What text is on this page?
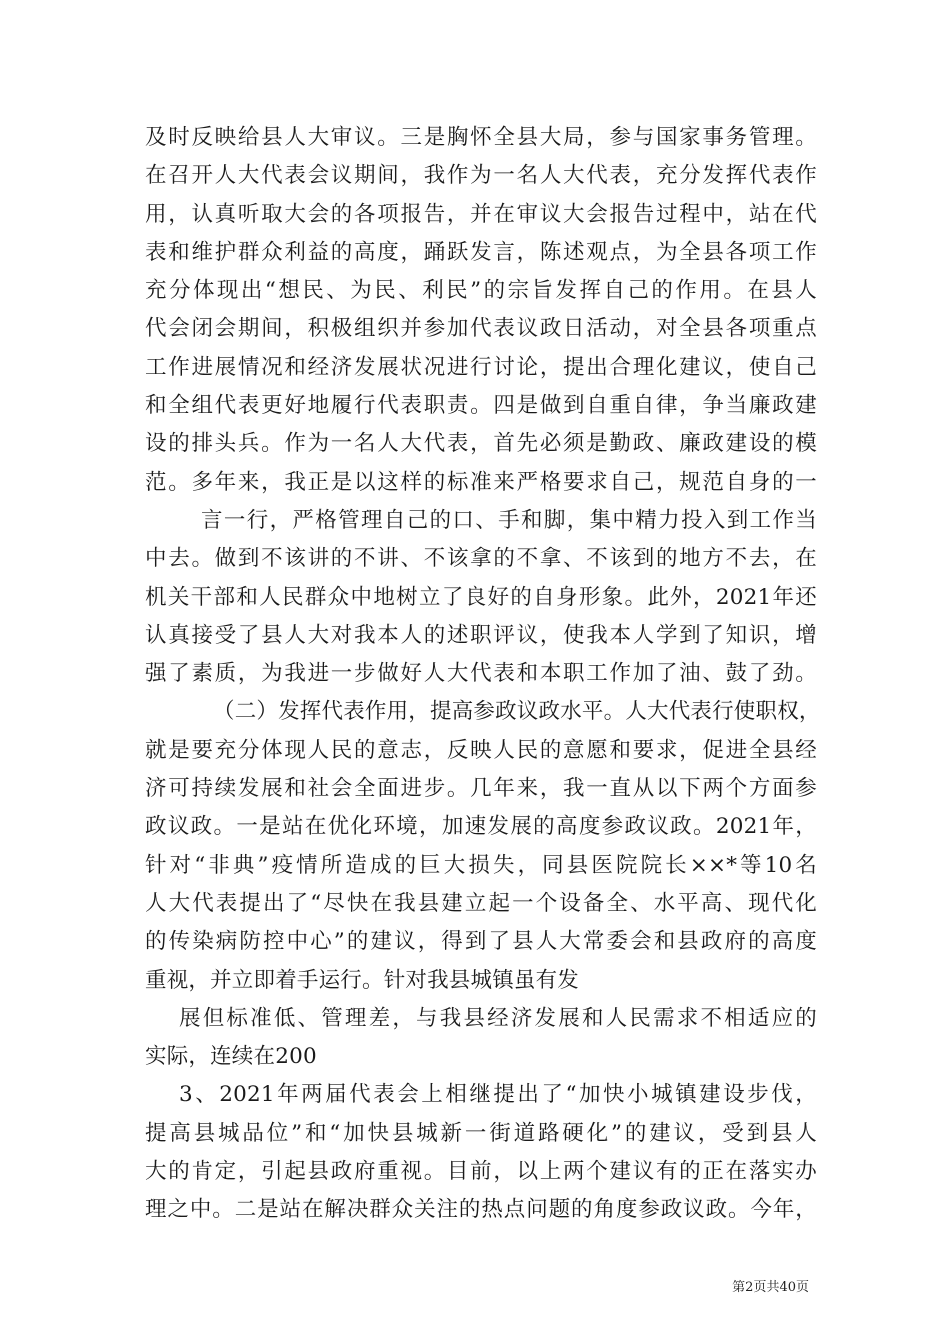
及时反映给县人大审议。三是胸怀全县大局，参与国家事务管理。
在召开人大代表会议期间，我作为一名人大代表，充分发挥代表作
用，认真听取大会的各项报告，并在审议大会报告过程中，站在代
表和维护群众利益的高度，踊跃发言，陈述观点，为全县各项工作
充分体现出“想民、为民、利民”的宗旨发挥自己的作用。在县人
代会闭会期间，积极组织并参加代表议政日活动，对全县各项重点
工作进展情况和经济发展状况进行讨论，提出合理化建议，使自己
和全组代表更好地履行代表职责。四是做到自重自律，争当廉政建
设的排头兵。作为一名人大代表，首先必须是勤政、廉政建设的模
范。多年来，我正是以这样的标准来严格要求自己，规范自身的一
言一行，严格管理自己的口、手和脚，集中精力投入到工作当
中去。做到不该讲的不讲、不该拿的不拿、不该到的地方不去，在
机关干部和人民群众中地树立了良好的自身形象。此外，2021年还
认真接受了县人大对我本人的述职评议，使我本人学到了知识，增
强了素质，为我进一步做好人大代表和本职工作加了油、鼓了劲。
（二）发挥代表作用，提高参政议政水平。人大代表行使职权，
就是要充分体现人民的意志，反映人民的意愿和要求，促进全县经
济可持续发展和社会全面进步。几年来，我一直从以下两个方面参
政议政。一是站在优化环境，加速发展的高度参政议政。2021年，
针对“非典”疫情所造成的巨大损失，同县医院院长××*等10名
人大代表提出了“尽快在我县建立起一个设备全、水平高、现代化
的传染病防控中心”的建议，得到了县人大常委会和县政府的高度
重视，并立即着手运行。针对我县城镇虽有发
展但标准低、管理差，与我县经济发展和人民需求不相适应的
实际，连续在200
3、2021年两届代表会上相继提出了“加快小城镇建设步伐，
提高县城品位”和“加快县城新一街道路硬化”的建议，受到县人
大的肯定，引起县政府重视。目前，以上两个建议有的正在落实办
理之中。二是站在解决群众关注的热点问题的角度参政议政。今年，
第2页共40页
